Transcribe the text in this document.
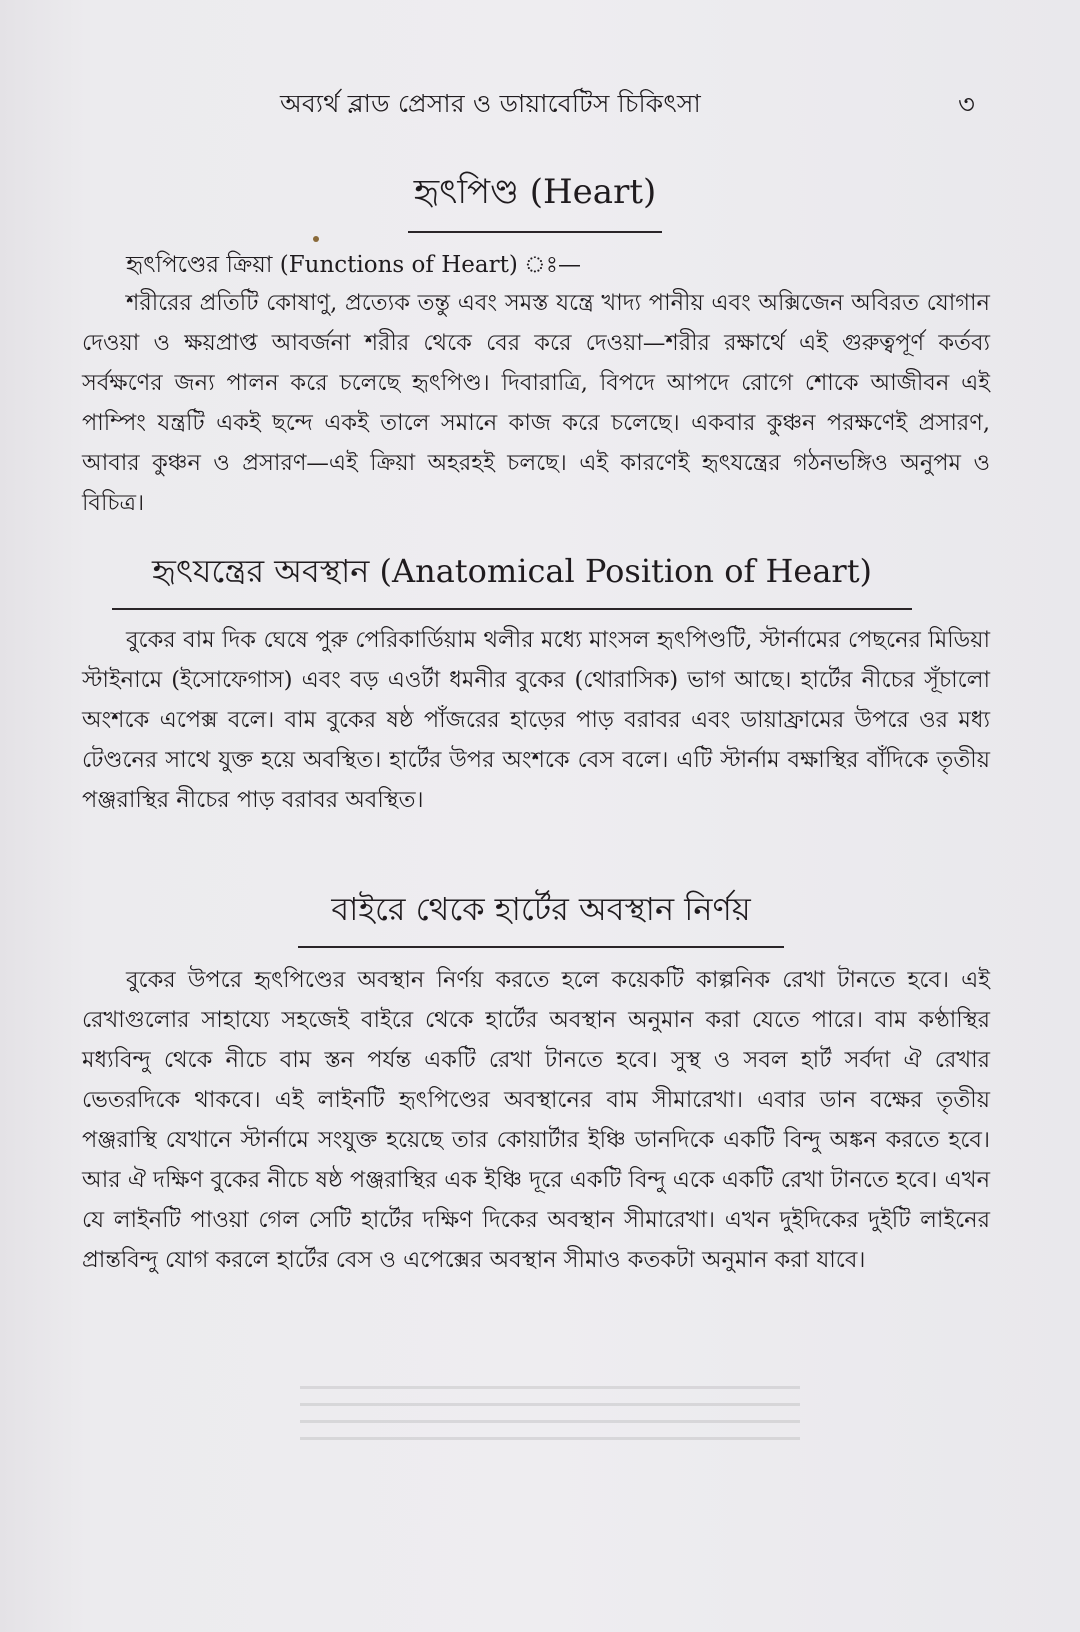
অব্যর্থ ব্লাড প্রেসার ও ডায়াবেটিস চিকিৎসা	৩
হৃৎপিণ্ড (Heart)
হৃৎপিণ্ডের ক্রিয়া (Functions of Heart) ঃ—

শরীরের প্রতিটি কোষাণু, প্রত্যেক তন্তু এবং সমস্ত যন্ত্রে খাদ্য পানীয় এবং অক্সিজেন অবিরত যোগান দেওয়া ও ক্ষয়প্রাপ্ত আবর্জনা শরীর থেকে বের করে দেওয়া—শরীর রক্ষার্থে এই গুরুত্বপূর্ণ কর্তব্য সর্বক্ষণের জন্য পালন করে চলেছে হৃৎপিণ্ড। দিবারাত্রি, বিপদে আপদে রোগে শোকে আজীবন এই পাম্পিং যন্ত্রটি একই ছন্দে একই তালে সমানে কাজ করে চলেছে। একবার কুঞ্চন পরক্ষণেই প্রসারণ, আবার কুঞ্চন ও প্রসারণ—এই ক্রিয়া অহরহই চলছে। এই কারণেই হৃৎযন্ত্রের গঠনভঙ্গিও অনুপম ও বিচিত্র।

হৃৎযন্ত্রের অবস্থান (Anatomical Position of Heart)

বুকের বাম দিক ঘেষে পুরু পেরিকার্ডিয়াম থলীর মধ্যে মাংসল হৃৎপিণ্ডটি, স্টার্নামের পেছনের মিডিয়া স্টাইনামে (ইসোফেগাস) এবং বড় এওর্টা ধমনীর বুকের (থোরাসিক) ভাগ আছে। হার্টের নীচের সূঁচালো অংশকে এপেক্স বলে। বাম বুকের ষষ্ঠ পাঁজরের হাড়ের পাড় বরাবর এবং ডায়াফ্রামের উপরে ওর মধ্য টেণ্ডনের সাথে যুক্ত হয়ে অবস্থিত। হার্টের উপর অংশকে বেস বলে। এটি স্টার্নাম বক্ষাস্থির বাঁদিকে তৃতীয় পঞ্জরাস্থির নীচের পাড় বরাবর অবস্থিত।

বাইরে থেকে হার্টের অবস্থান নির্ণয়

বুকের উপরে হৃৎপিণ্ডের অবস্থান নির্ণয় করতে হলে কয়েকটি কাল্পনিক রেখা টানতে হবে। এই রেখাগুলোর সাহায্যে সহজেই বাইরে থেকে হার্টের অবস্থান অনুমান করা যেতে পারে। বাম কণ্ঠাস্থির মধ্যবিন্দু থেকে নীচে বাম স্তন পর্যন্ত একটি রেখা টানতে হবে। সুস্থ ও সবল হার্ট সর্বদা ঐ রেখার ভেতরদিকে থাকবে। এই লাইনটি হৃৎপিণ্ডের অবস্থানের বাম সীমারেখা। এবার ডান বক্ষের তৃতীয় পঞ্জরাস্থি যেখানে স্টার্নামে সংযুক্ত হয়েছে তার কোয়ার্টার ইঞ্চি ডানদিকে একটি বিন্দু অঙ্কন করতে হবে। আর ঐ দক্ষিণ বুকের নীচে ষষ্ঠ পঞ্জরাস্থির এক ইঞ্চি দূরে একটি বিন্দু একে একটি রেখা টানতে হবে। এখন যে লাইনটি পাওয়া গেল সেটি হার্টের দক্ষিণ দিকের অবস্থান সীমারেখা। এখন দুইদিকের দুইটি লাইনের প্রান্তবিন্দু যোগ করলে হার্টের বেস ও এপেক্সের অবস্থান সীমাও কতকটা অনুমান করা যাবে।
